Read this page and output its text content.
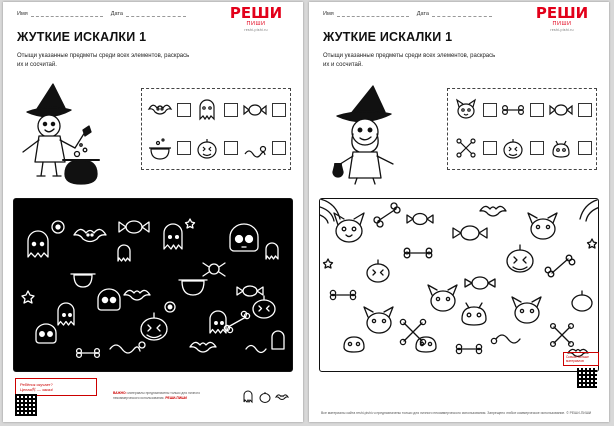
Имя	Дата	РЕШИ
ПИШИ
reshi-pishi.ru
ЖУТКИЕ ИСКАЛКИ 1
Отыщи указанные предметы среди всех элементов, раскрась их и сосчитай.
Ребёнок скучает?
Целая库 — заказ!
ВАЖНО: материалы предназначены только для личного некоммерческого использования. РЕШИ-ПИШИ
Имя	Дата	РЕШИ
ПИШИ
reshi-pishi.ru
ЖУТКИЕ ИСКАЛКИ 1
Отыщи указанные предметы среди всех элементов, раскрась их и сосчитай.
Скачай больше материалов
Все материалы сайта reshi-pishi.ru предназначены только для личного некоммерческого использования. Запрещено любое коммерческое использование. © РЕШИ-ПИШИ
